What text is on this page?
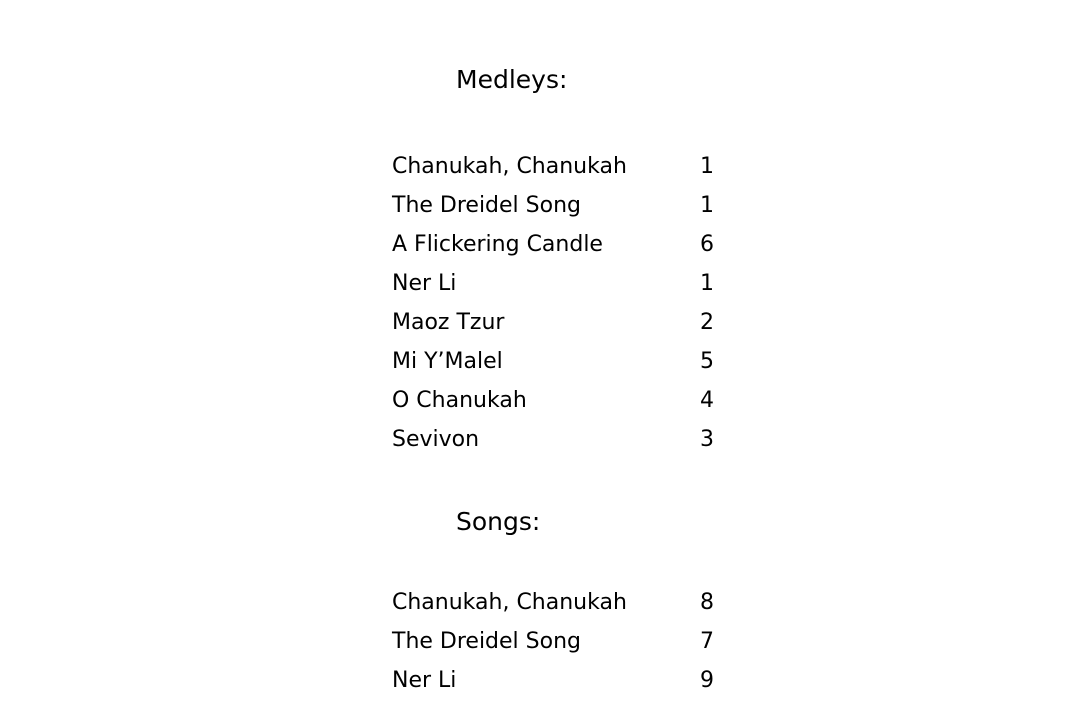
Medleys:
Chanukah, Chanukah	1
The Dreidel Song	1
A Flickering Candle	6
Ner Li	1
Maoz Tzur	2
Mi Y’Malel	5
O Chanukah	4
Sevivon	3
Songs:
Chanukah, Chanukah	8
The Dreidel Song	7
Ner Li	9
